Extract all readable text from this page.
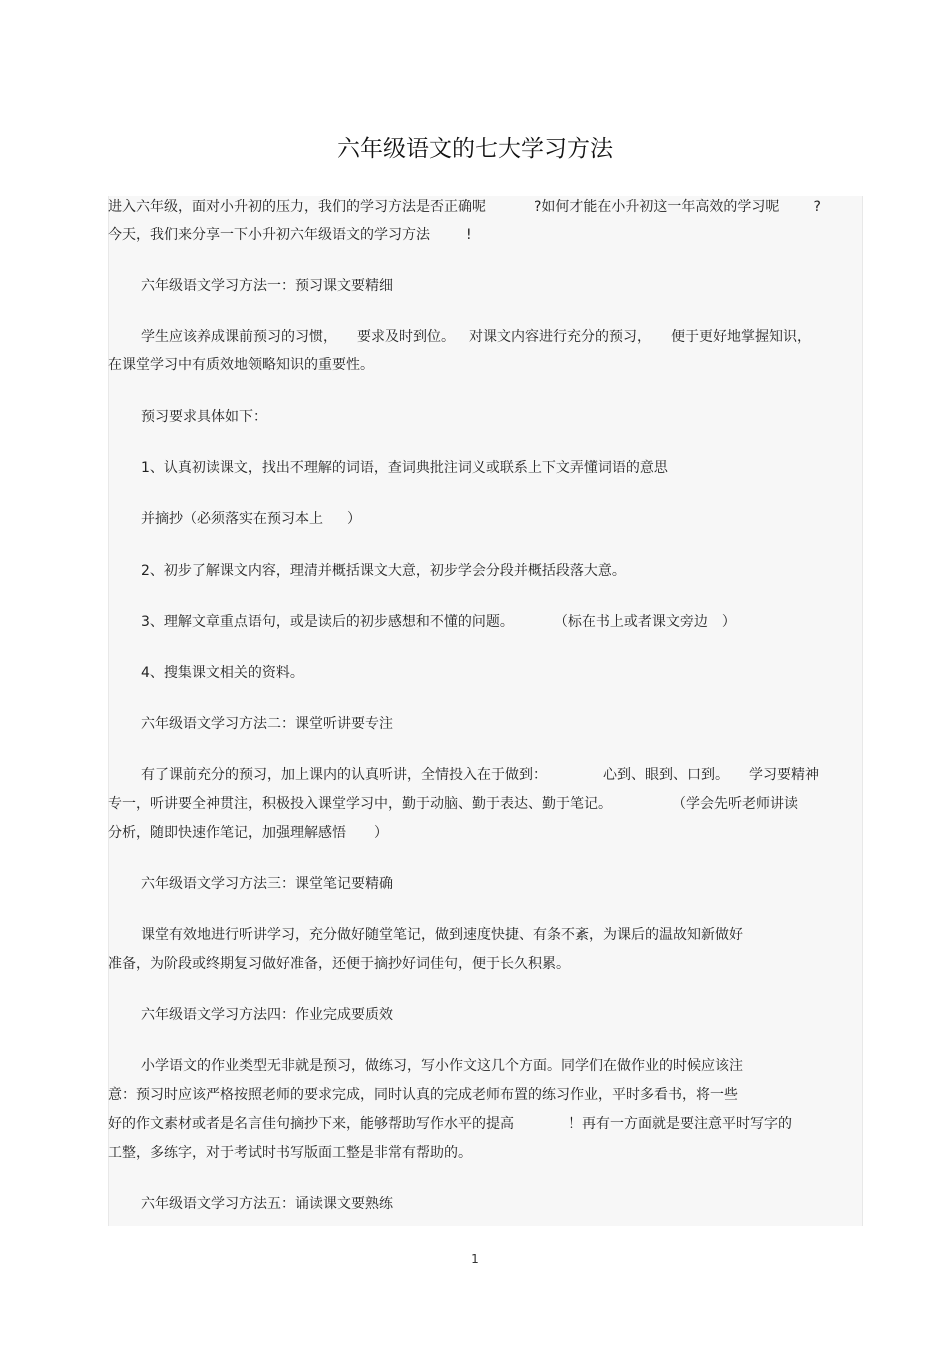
六年级语文的七大学习方法
进入六年级，面对小升初的压力，我们的学习方法是否正确呢	?如何才能在小升初这一年高效的学习呢 ?
今天，我们来分享一下小升初六年级语文的学习方法	!
六年级语文学习方法一：预习课文要精细
学生应该养成课前预习的习惯， 要求及时到位。 对课文内容进行充分的预习， 便于更好地掌握知识，
在课堂学习中有质效地领略知识的重要性。
预习要求具体如下：
1、认真初读课文，找出不理解的词语，查词典批注词义或联系上下文弄懂词语的意思
并摘抄（必须落实在预习本上 ）
2、初步了解课文内容，理清并概括课文大意，初步学会分段并概括段落大意。
3、理解文章重点语句，或是读后的初步感想和不懂的问题。	（标在书上或者课文旁边 ）
4、搜集课文相关的资料。
六年级语文学习方法二：课堂听讲要专注
有了课前充分的预习，加上课内的认真听讲，全情投入在于做到：	心到、眼到、口到。 学习要精神
专一，听讲要全神贯注，积极投入课堂学习中，勤于动脑、勤于表达、勤于笔记。	（学会先听老师讲读
分析，随即快速作笔记，加强理解感悟 ）
六年级语文学习方法三：课堂笔记要精确
课堂有效地进行听讲学习，充分做好随堂笔记，做到速度快捷、有条不紊，为课后的温故知新做好
准备，为阶段或终期复习做好准备，还便于摘抄好词佳句，便于长久积累。
六年级语文学习方法四：作业完成要质效
小学语文的作业类型无非就是预习，做练习，写小作文这几个方面。同学们在做作业的时候应该注
意：预习时应该严格按照老师的要求完成，同时认真的完成老师布置的练习作业，平时多看书，将一些
好的作文素材或者是名言佳句摘抄下来，能够帮助写作水平的提高	！再有一方面就是要注意平时写字的
工整，多练字，对于考试时书写版面工整是非常有帮助的。
六年级语文学习方法五：诵读课文要熟练
1
